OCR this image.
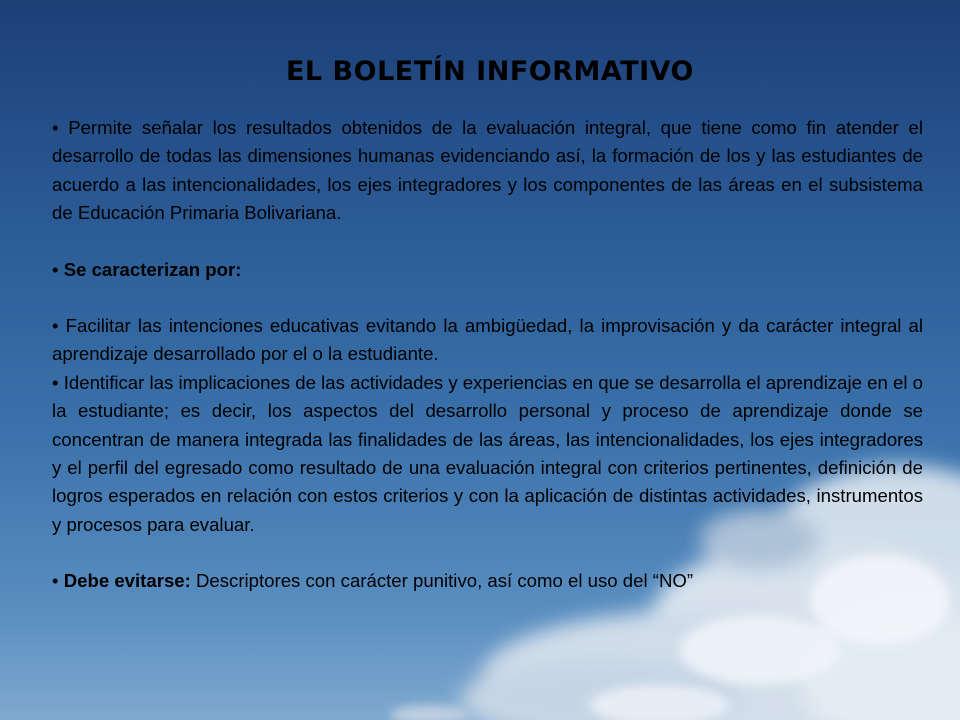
EL BOLETÍN INFORMATIVO

• Permite señalar los resultados obtenidos de la evaluación integral, que tiene como fin atender el desarrollo de todas las dimensiones humanas evidenciando así, la formación de los y las estudiantes de acuerdo a las intencionalidades, los ejes integradores y los componentes de las áreas en el subsistema de Educación Primaria Bolivariana.

• Se caracterizan por:

• Facilitar las intenciones educativas evitando la ambigüedad, la improvisación y da carácter integral al aprendizaje desarrollado por el o la estudiante.

• Identificar las implicaciones de las actividades y experiencias en que se desarrolla el aprendizaje en el o la estudiante; es decir, los aspectos del desarrollo personal y proceso de aprendizaje donde se concentran de manera integrada las finalidades de las áreas, las intencionalidades, los ejes integradores y el perfil del egresado como resultado de una evaluación integral con criterios pertinentes, definición de logros esperados en relación con estos criterios y con la aplicación de distintas actividades, instrumentos y procesos para evaluar.

• Debe evitarse: Descriptores con carácter punitivo, así como el uso del “NO”
